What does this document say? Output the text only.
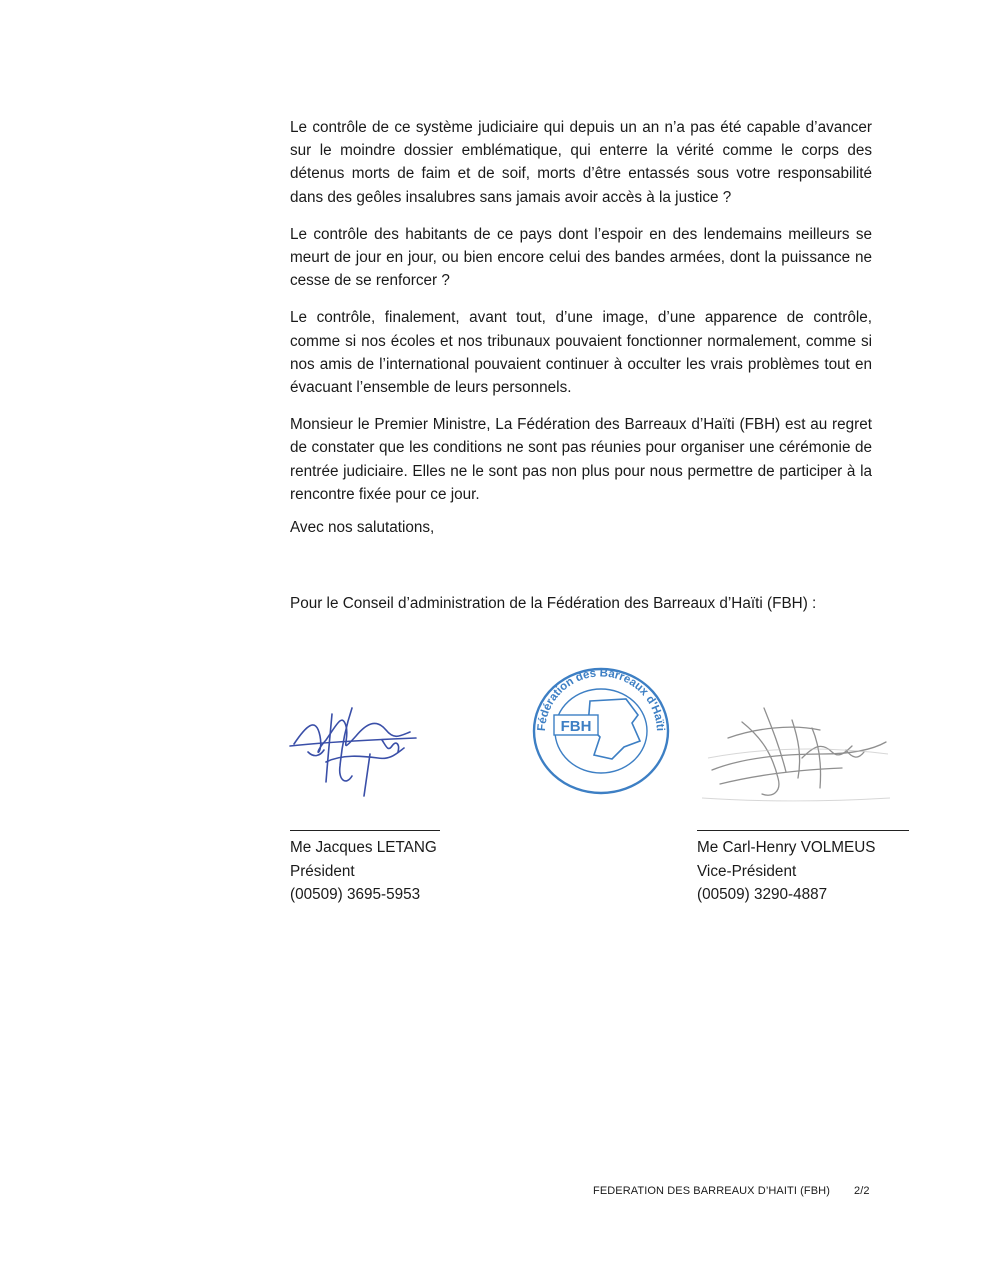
Le contrôle de ce système judiciaire qui depuis un an n’a pas été capable d’avancer sur le moindre dossier emblématique, qui enterre la vérité comme le corps des détenus morts de faim et de soif, morts d’être entassés sous votre responsabilité dans des geôles insalubres sans jamais avoir accès à la justice ?

Le contrôle des habitants de ce pays dont l’espoir en des lendemains meilleurs se meurt de jour en jour, ou bien encore celui des bandes armées, dont la puissance ne cesse de se renforcer ?

Le contrôle, finalement, avant tout, d’une image, d’une apparence de contrôle, comme si nos écoles et nos tribunaux pouvaient fonctionner normalement, comme si nos amis de l’international pouvaient continuer à occulter les vrais problèmes tout en évacuant l’ensemble de leurs personnels.

Monsieur le Premier Ministre, La Fédération des Barreaux d’Haïti (FBH) est au regret de constater que les conditions ne sont pas réunies pour organiser une cérémonie de rentrée judiciaire. Elles ne le sont pas non plus pour nous permettre de participer à la rencontre fixée pour ce jour.

Avec nos salutations,
Pour le Conseil d’administration de la Fédération des Barreaux d’Haïti (FBH) :
Fédération des Barreaux d'Haïti
FBH
Me Jacques LETANG
Président
(00509) 3695-5953
Me Carl-Henry VOLMEUS
Vice-Président
(00509) 3290-4887
FEDERATION DES BARREAUX D’HAITI (FBH) 2/2
